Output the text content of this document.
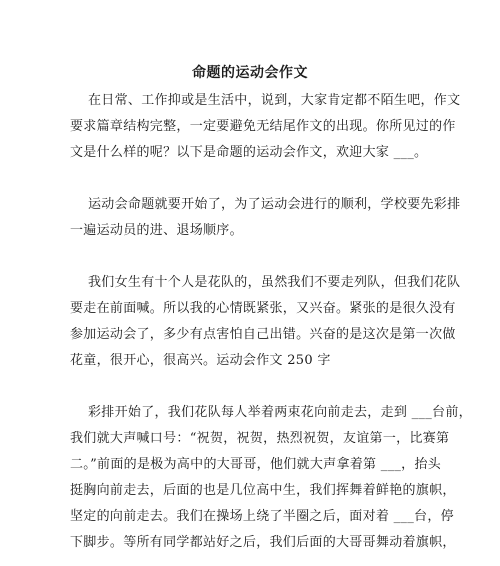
命题的运动会作文
在日常、工作抑或是生活中，说到，大家肯定都不陌生吧，作文
要求篇章结构完整，一定要避免无结尾作文的出现。你所见过的作
文是什么样的呢？以下是命题的运动会作文，欢迎大家 ___。
运动会命题就要开始了，为了运动会进行的顺利，学校要先彩排
一遍运动员的进、退场顺序。
我们女生有十个人是花队的，虽然我们不要走列队，但我们花队
要走在前面喊。所以我的心情既紧张，又兴奋。紧张的是很久没有
参加运动会了，多少有点害怕自己出错。兴奋的是这次是第一次做
花童，很开心，很高兴。运动会作文 250 字
彩排开始了，我们花队每人举着两束花向前走去，走到 ___台前，
我们就大声喊口号：“祝贺，祝贺，热烈祝贺，友谊第一，比赛第
二。”前面的是极为高中的大哥哥，他们就大声拿着第 ___，抬头
挺胸向前走去，后面的也是几位高中生，我们挥舞着鲜艳的旗帜，
坚定的向前走去。我们在操场上绕了半圈之后，面对着 ___台，停
下脚步。等所有同学都站好之后，我们后面的大哥哥舞动着旗帜，
